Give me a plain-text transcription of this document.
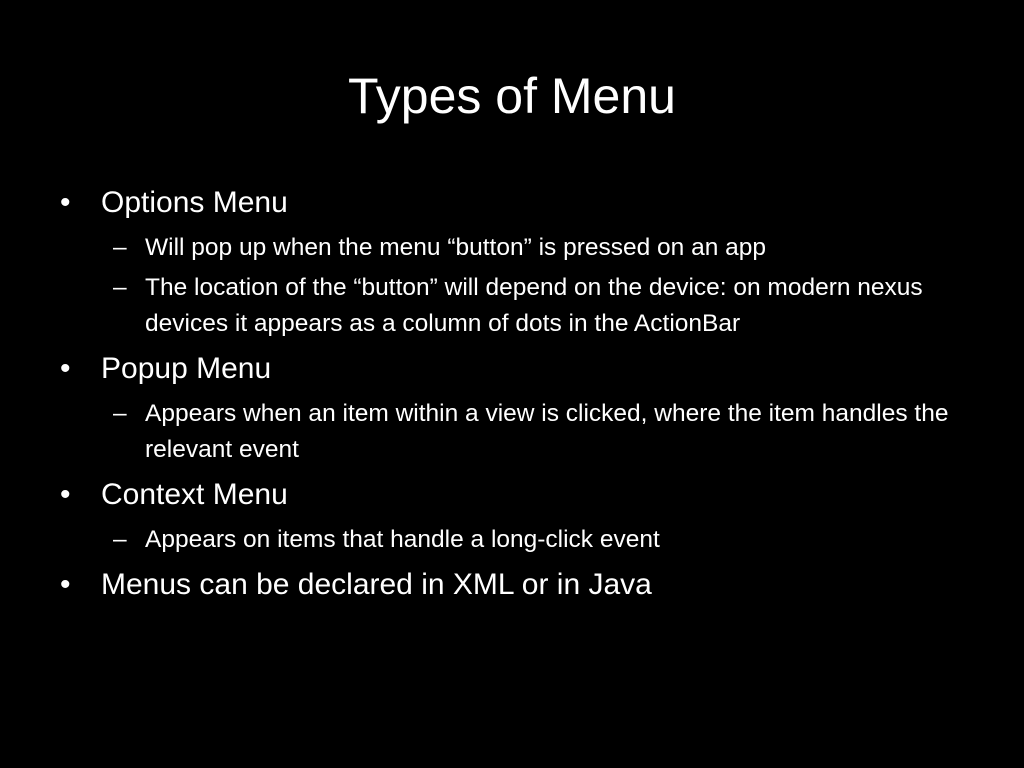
Types of Menu
•	Options Menu
– Will pop up when the menu “button” is pressed on an app
– The location of the “button” will depend on the device: on modern nexus devices it appears as a column of dots in the ActionBar
•	Popup Menu
– Appears when an item within a view is clicked, where the item handles the relevant event
•	Context Menu
– Appears on items that handle a long-click event
•	Menus can be declared in XML or in Java
